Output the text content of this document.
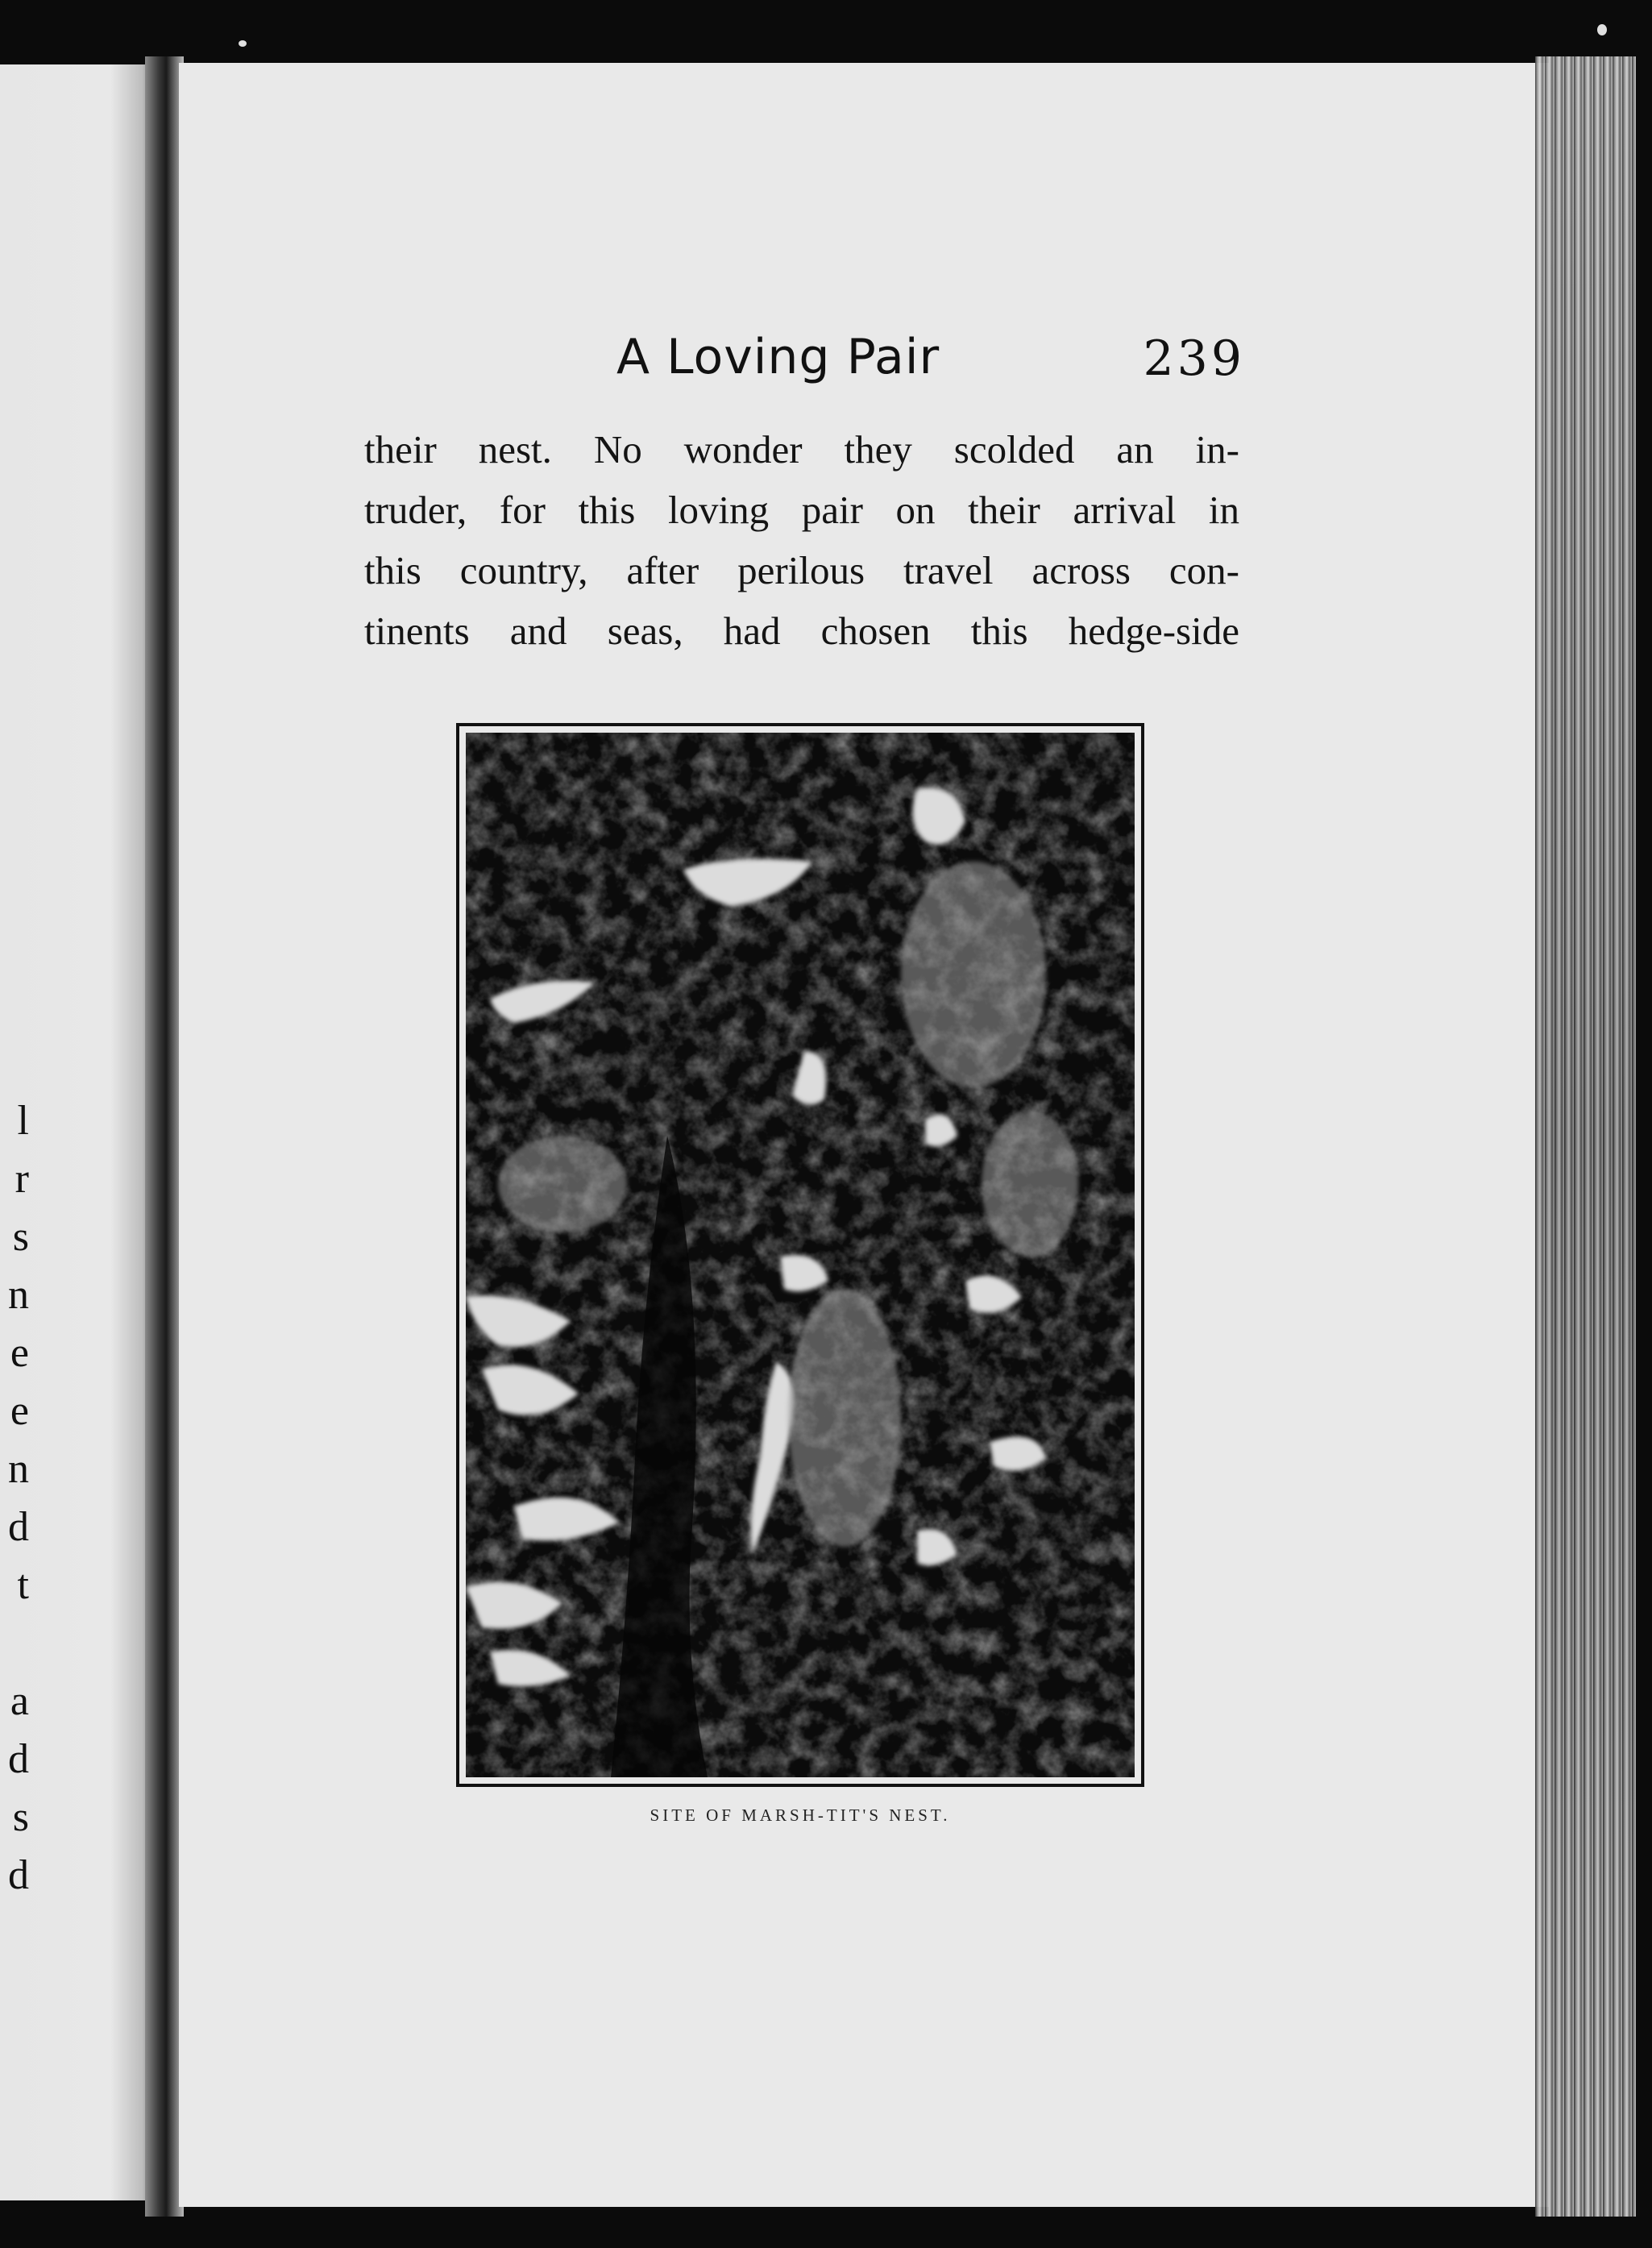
l
r
s
n
e
e
n
d
t
a
d
s
d
A Loving Pair	239
their nest. No wonder they scolded an in-
truder, for this loving pair on their arrival in
this country, after perilous travel across con-
tinents and seas, had chosen this hedge-side
SITE OF MARSH-TIT'S NEST.
